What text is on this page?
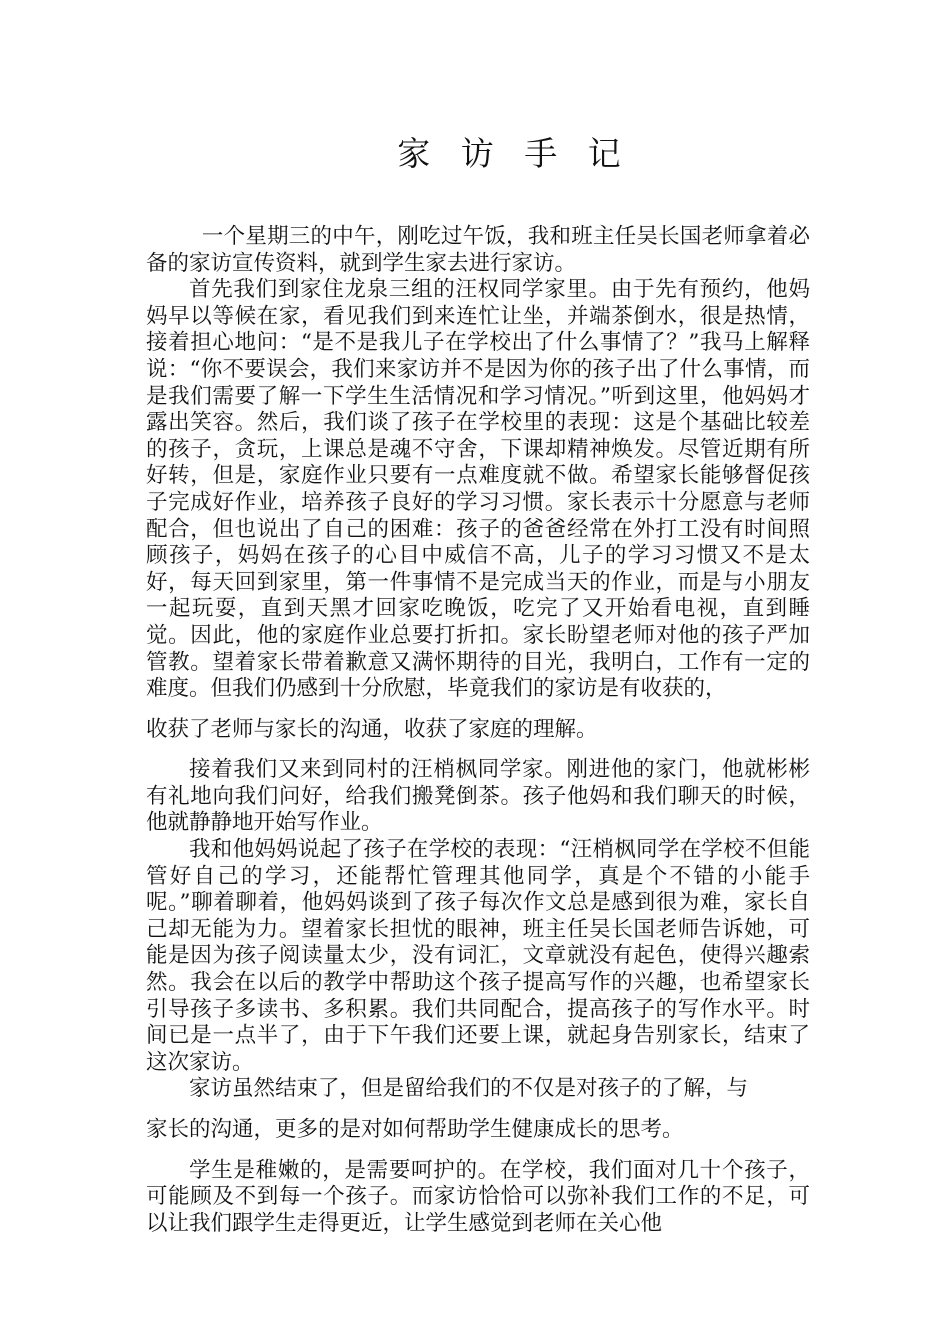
家 访 手 记

一个星期三的中午，刚吃过午饭，我和班主任吴长国老师拿着必备的家访宣传资料，就到学生家去进行家访。

首先我们到家住龙泉三组的汪权同学家里。由于先有预约，他妈妈早以等候在家，看见我们到来连忙让坐，并端茶倒水，很是热情，接着担心地问：“是不是我儿子在学校出了什么事情了？”我马上解释说：“你不要误会，我们来家访并不是因为你的孩子出了什么事情，而是我们需要了解一下学生生活情况和学习情况。”听到这里，他妈妈才露出笑容。然后，我们谈了孩子在学校里的表现：这是个基础比较差的孩子，贪玩，上课总是魂不守舍，下课却精神焕发。尽管近期有所好转，但是，家庭作业只要有一点难度就不做。希望家长能够督促孩子完成好作业，培养孩子良好的学习习惯。家长表示十分愿意与老师配合，但也说出了自己的困难：孩子的爸爸经常在外打工没有时间照顾孩子，妈妈在孩子的心目中威信不高，儿子的学习习惯又不是太好，每天回到家里，第一件事情不是完成当天的作业，而是与小朋友一起玩耍，直到天黑才回家吃晚饭，吃完了又开始看电视，直到睡觉。因此，他的家庭作业总要打折扣。家长盼望老师对他的孩子严加管教。望着家长带着歉意又满怀期待的目光，我明白，工作有一定的难度。但我们仍感到十分欣慰，毕竟我们的家访是有收获的，
收获了老师与家长的沟通，收获了家庭的理解。

接着我们又来到同村的汪梢枫同学家。刚进他的家门，他就彬彬有礼地向我们问好，给我们搬凳倒茶。孩子他妈和我们聊天的时候，他就静静地开始写作业。

我和他妈妈说起了孩子在学校的表现：“汪梢枫同学在学校不但能管好自己的学习，还能帮忙管理其他同学，真是个不错的小能手呢。”聊着聊着，他妈妈谈到了孩子每次作文总是感到很为难，家长自己却无能为力。望着家长担忧的眼神，班主任吴长国老师告诉她，可能是因为孩子阅读量太少，没有词汇，文章就没有起色，使得兴趣索然。我会在以后的教学中帮助这个孩子提高写作的兴趣，也希望家长引导孩子多读书、多积累。我们共同配合，提高孩子的写作水平。时间已是一点半了，由于下午我们还要上课，就起身告别家长，结束了这次家访。

家访虽然结束了，但是留给我们的不仅是对孩子的了解，与
家长的沟通，更多的是对如何帮助学生健康成长的思考。

学生是稚嫩的，是需要呵护的。在学校，我们面对几十个孩子，可能顾及不到每一个孩子。而家访恰恰可以弥补我们工作的不足，可以让我们跟学生走得更近，让学生感觉到老师在关心他
